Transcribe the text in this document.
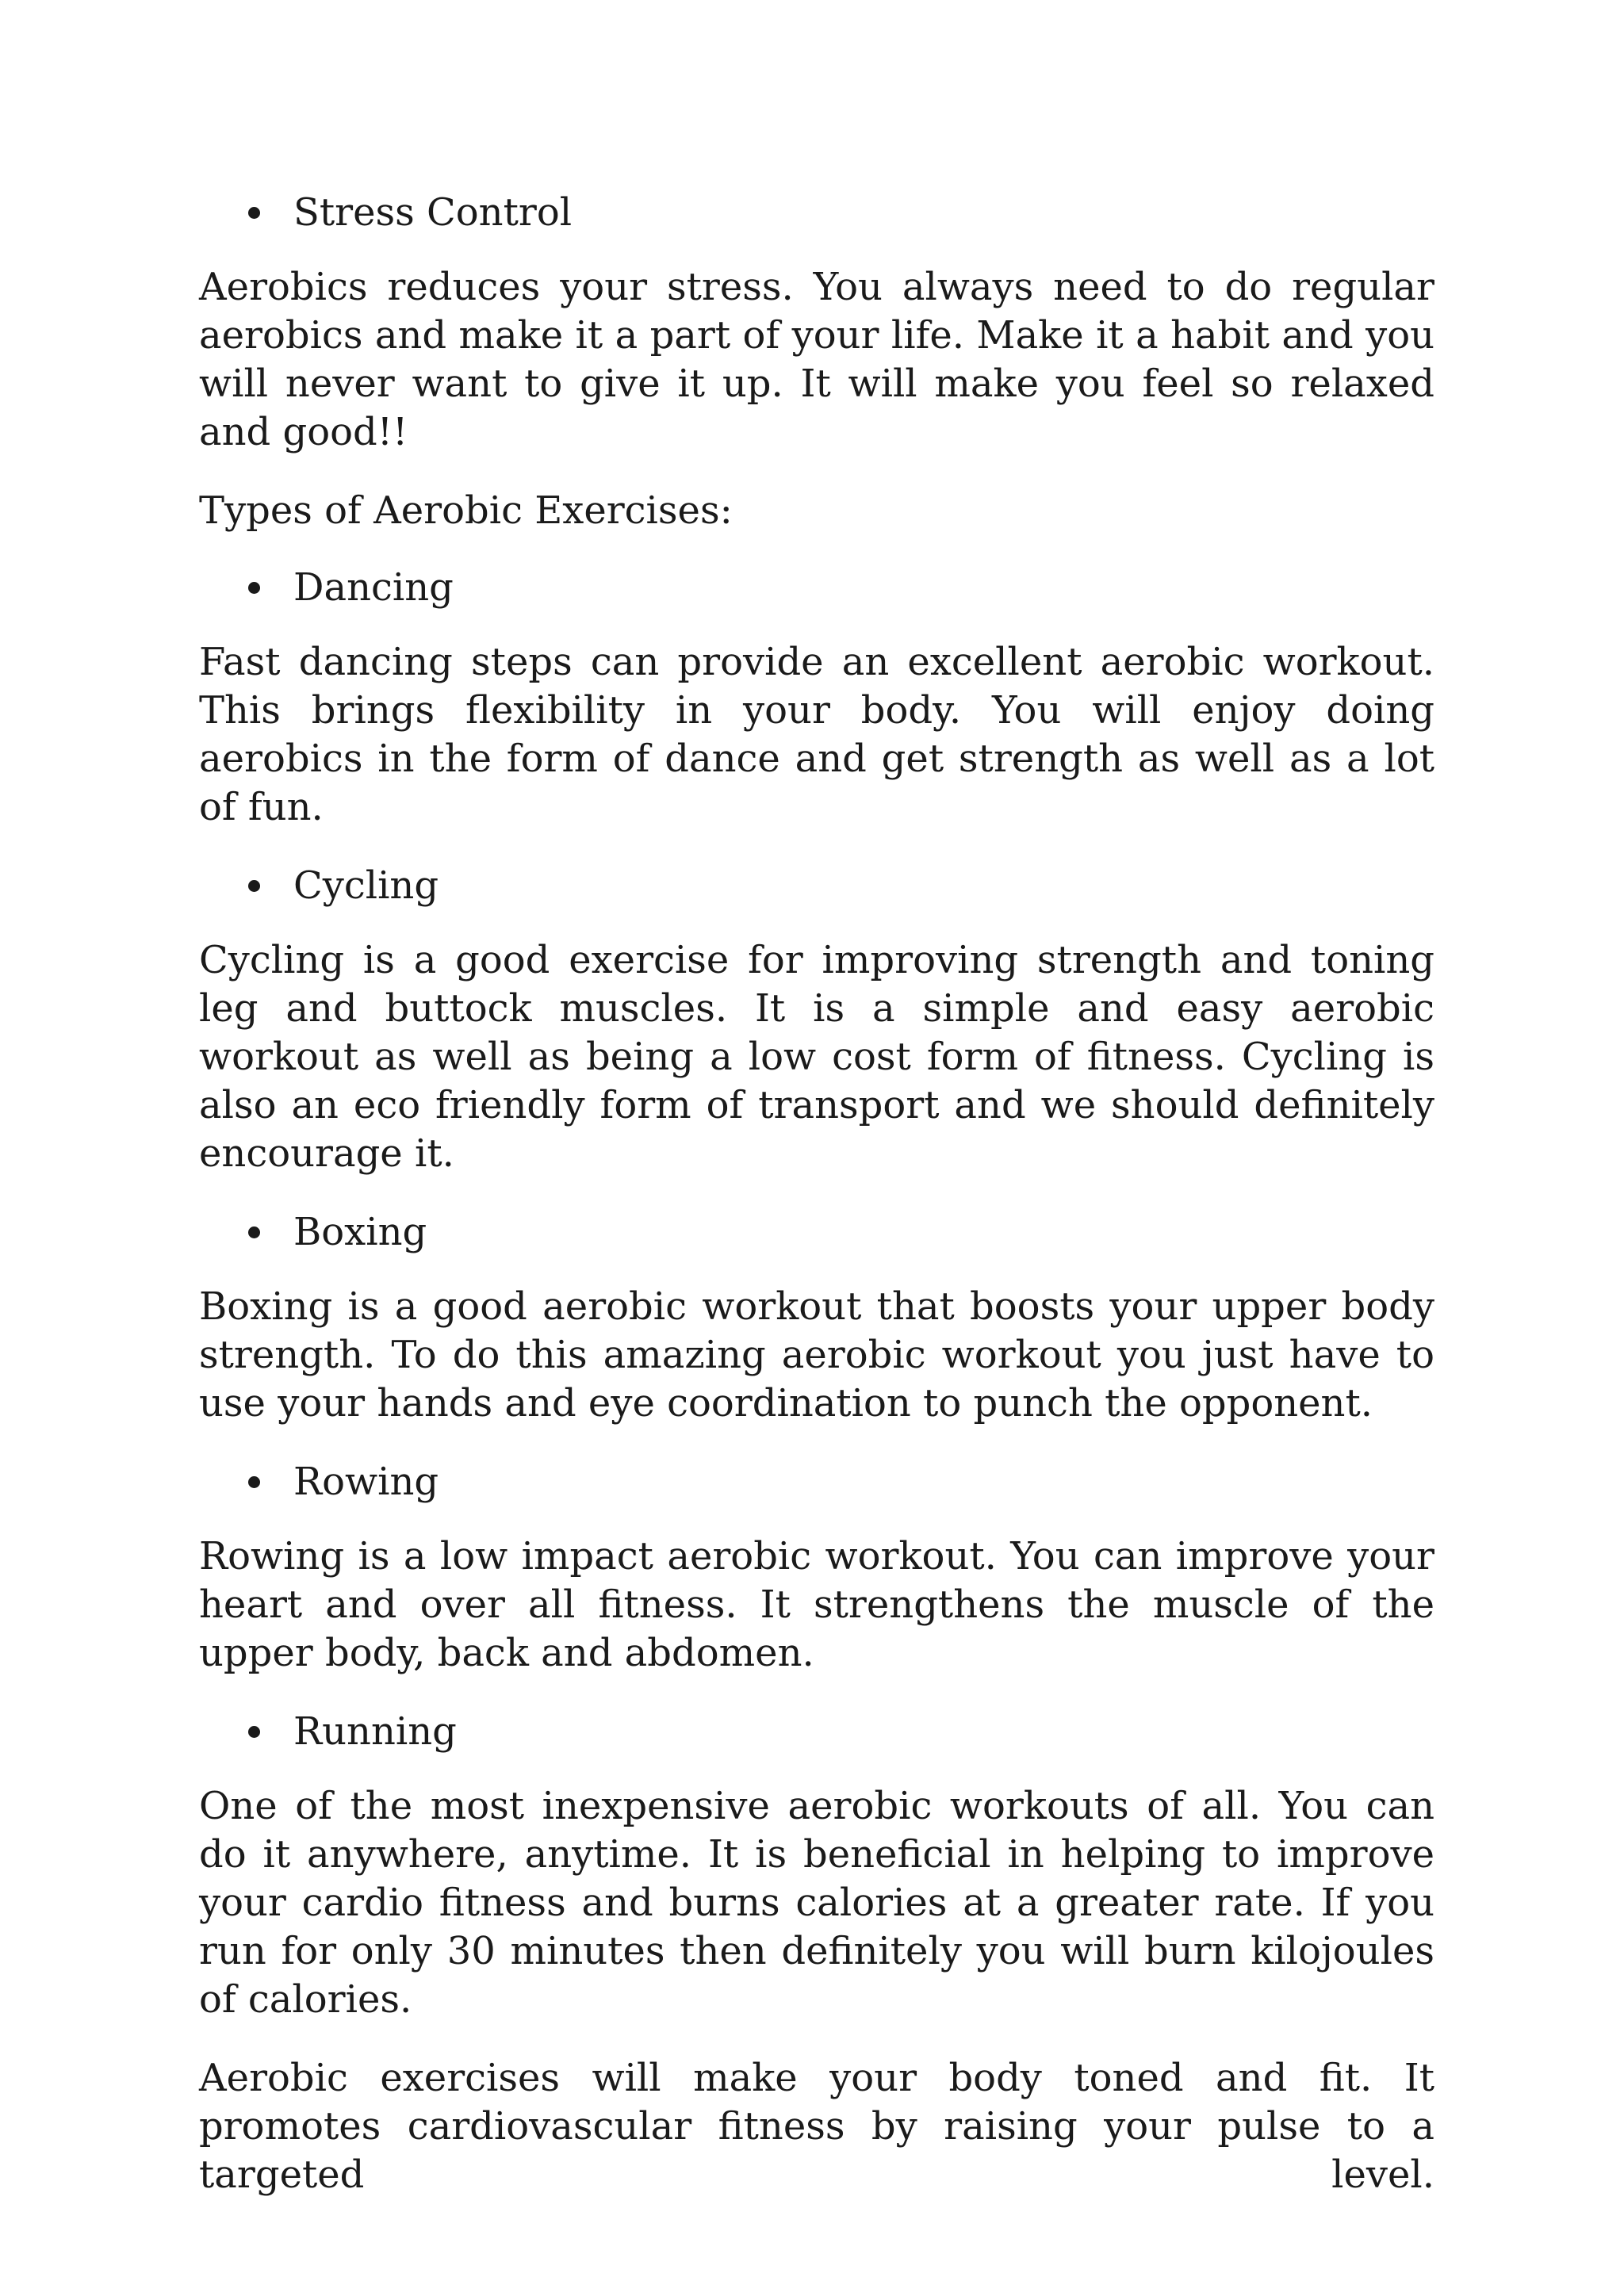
Stress Control

Aerobics reduces your stress. You always need to do regular aerobics and make it a part of your life. Make it a habit and you will never want to give it up. It will make you feel so relaxed and good!!

Types of Aerobic Exercises:

Dancing

Fast dancing steps can provide an excellent aerobic workout. This brings flexibility in your body. You will enjoy doing aerobics in the form of dance and get strength as well as a lot of fun.

Cycling

Cycling is a good exercise for improving strength and toning leg and buttock muscles. It is a simple and easy aerobic workout as well as being a low cost form of fitness. Cycling is also an eco friendly form of transport and we should definitely encourage it.

Boxing

Boxing is a good aerobic workout that boosts your upper body strength. To do this amazing aerobic workout you just have to use your hands and eye coordination to punch the opponent.

Rowing

Rowing is a low impact aerobic workout. You can improve your heart and over all fitness. It strengthens the muscle of the upper body, back and abdomen.

Running

One of the most inexpensive aerobic workouts of all. You can do it anywhere, anytime. It is beneficial in helping to improve your cardio fitness and burns calories at a greater rate. If you run for only 30 minutes then definitely you will burn kilojoules of calories.

Aerobic exercises will make your body toned and fit. It promotes cardiovascular fitness by raising your pulse to a targeted level.
